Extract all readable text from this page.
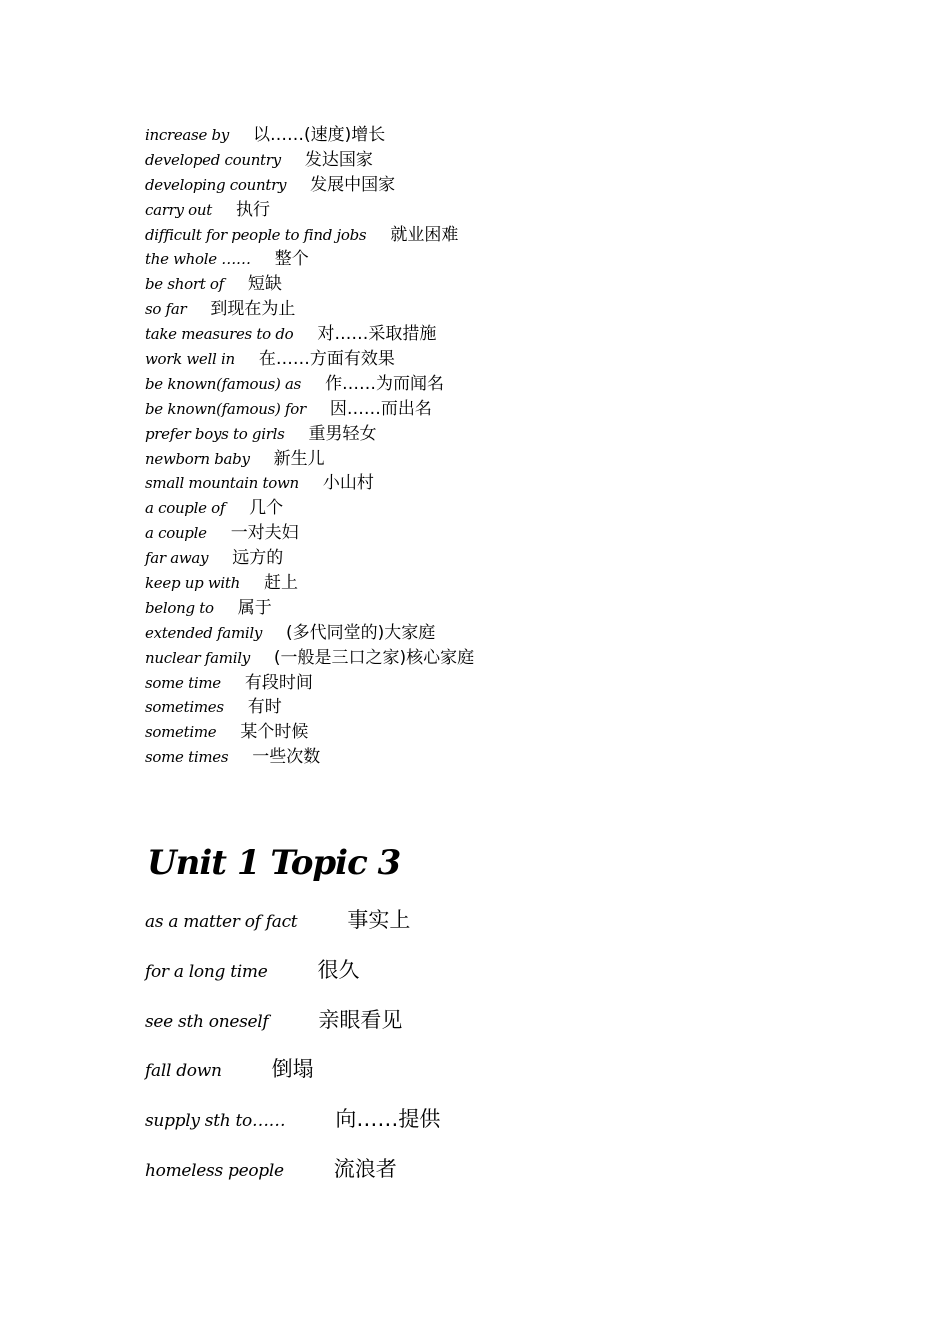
increase by 以……(速度)增长
developed country 发达国家
developing country 发展中国家
carry out 执行
difficult for people to find jobs 就业困难
the whole …… 整个
be short of 短缺
so far 到现在为止
take measures to do 对……采取措施
work well in 在……方面有效果
be known(famous) as 作……为而闻名
be known(famous) for 因……而出名
prefer boys to girls 重男轻女
newborn baby 新生儿
small mountain town 小山村
a couple of 几个
a couple 一对夫妇
far away 远方的
keep up with 赶上
belong to 属于
extended family (多代同堂的)大家庭
nuclear family (一般是三口之家)核心家庭
some time 有段时间
sometimes 有时
sometime 某个时候
some times 一些次数
Unit 1 Topic 3
as a matter of fact 事实上
for a long time 很久
see sth oneself 亲眼看见
fall down 倒塌
supply sth to…… 向……提供
homeless people 流浪者
